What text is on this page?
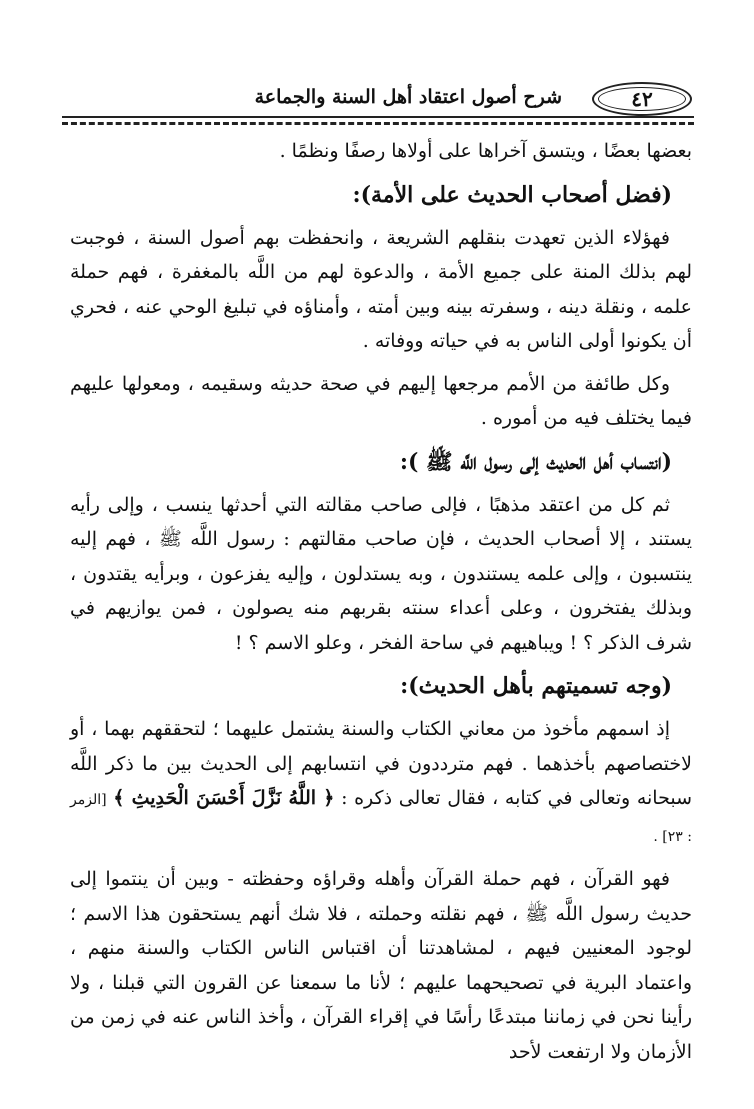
٤٢
شرح أصول اعتقاد أهل السنة والجماعة

بعضها بعضًا ، ويتسق آخراها على أولاها رصفًا ونظمًا .

(فضل أصحاب الحديث على الأمة):

فهؤلاء الذين تعهدت بنقلهم الشريعة ، وانحفظت بهم أصول السنة ، فوجبت لهم بذلك المنة على جميع الأمة ، والدعوة لهم من اللَّه بالمغفرة ، فهم حملة علمه ، ونقلة دينه ، وسفرته بينه وبين أمته ، وأمناؤه في تبليغ الوحي عنه ، فحري أن يكونوا أولى الناس به في حياته ووفاته .

وكل طائفة من الأمم مرجعها إليهم في صحة حديثه وسقيمه ، ومعولها عليهم فيما يختلف فيه من أموره .

(انتساب أهل الحديث إلى رسول اللَّه ﷺ ):

ثم كل من اعتقد مذهبًا ، فإلى صاحب مقالته التي أحدثها ينسب ، وإلى رأيه يستند ، إلا أصحاب الحديث ، فإن صاحب مقالتهم : رسول اللَّه ﷺ ، فهم إليه ينتسبون ، وإلى علمه يستندون ، وبه يستدلون ، وإليه يفزعون ، وبرأيه يقتدون ، وبذلك يفتخرون ، وعلى أعداء سنته بقربهم منه يصولون ، فمن يوازيهم في شرف الذكر ؟ ! ويباهيهم في ساحة الفخر ، وعلو الاسم ؟ !

(وجه تسميتهم بأهل الحديث):

إذ اسمهم مأخوذ من معاني الكتاب والسنة يشتمل عليهما ؛ لتحققهم بهما ، أو لاختصاصهم بأخذهما . فهم مترددون في انتسابهم إلى الحديث بين ما ذكر اللَّه سبحانه وتعالى في كتابه ، فقال تعالى ذكره : ﴿ اللَّهُ نَزَّلَ أَحْسَنَ الْحَدِيثِ ﴾ [الزمر : ٢٣] .

فهو القرآن ، فهم حملة القرآن وأهله وقراؤه وحفظته - وبين أن ينتموا إلى حديث رسول اللَّه ﷺ ، فهم نقلته وحملته ، فلا شك أنهم يستحقون هذا الاسم ؛ لوجود المعنيين فيهم ، لمشاهدتنا أن اقتباس الناس الكتاب والسنة منهم ، واعتماد البرية في تصحيحهما عليهم ؛ لأنا ما سمعنا عن القرون التي قبلنا ، ولا رأينا نحن في زماننا مبتدعًا رأسًا في إقراء القرآن ، وأخذ الناس عنه في زمن من الأزمان ولا ارتفعت لأحد
